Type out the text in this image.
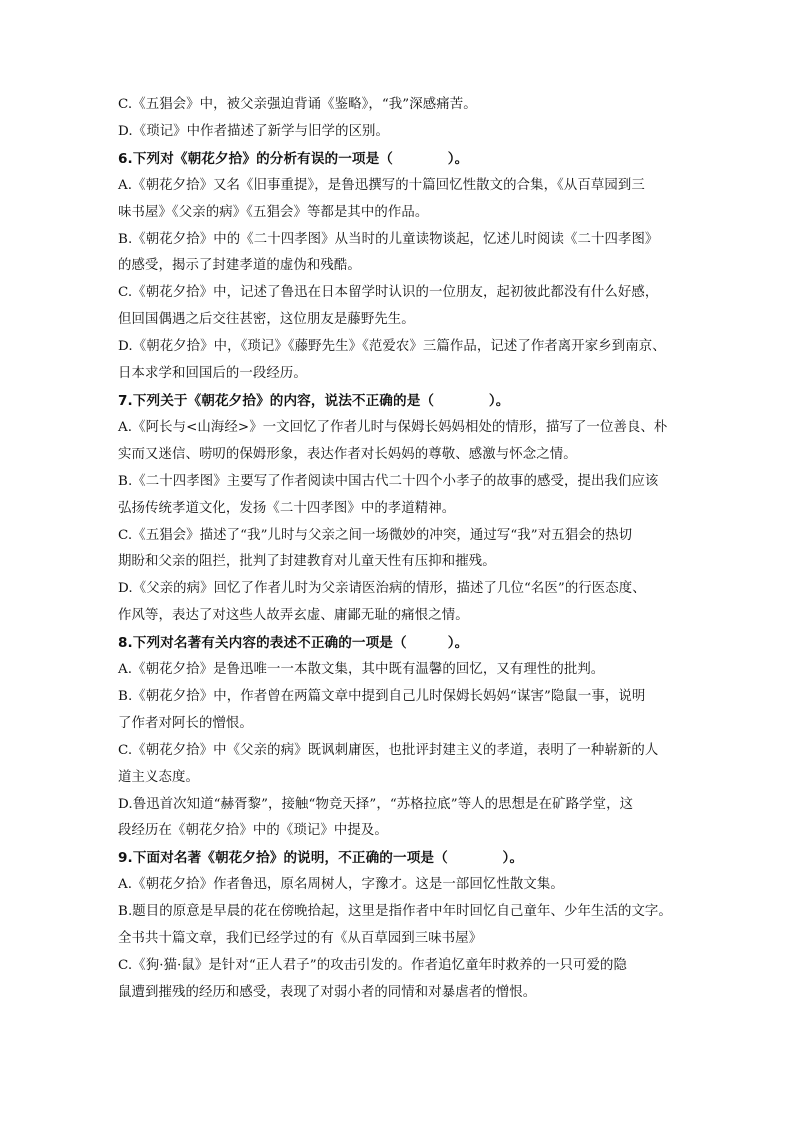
C.《五猖会》中，被父亲强迫背诵《鉴略》，“我”深感痛苦。
D.《琐记》中作者描述了新学与旧学的区别。
6.下列对《朝花夕拾》的分析有误的一项是（　　　　）。
A.《朝花夕拾》又名《旧事重提》，是鲁迅撰写的十篇回忆性散文的合集，《从百草园到三
味书屋》《父亲的病》《五猖会》等都是其中的作品。
B.《朝花夕拾》中的《二十四孝图》从当时的儿童读物谈起，忆述儿时阅读《二十四孝图》
的感受，揭示了封建孝道的虚伪和残酷。
C.《朝花夕拾》中，记述了鲁迅在日本留学时认识的一位朋友，起初彼此都没有什么好感，
但回国偶遇之后交往甚密，这位朋友是藤野先生。
D.《朝花夕拾》中，《琐记》《藤野先生》《范爱农》三篇作品，记述了作者离开家乡到南京、
日本求学和回国后的一段经历。
7.下列关于《朝花夕拾》的内容，说法不正确的是（　　　　）。
A.《阿长与<山海经>》一文回忆了作者儿时与保姆长妈妈相处的情形，描写了一位善良、朴
实而又迷信、唠叨的保姆形象，表达作者对长妈妈的尊敬、感激与怀念之情。
B.《二十四孝图》主要写了作者阅读中国古代二十四个小孝子的故事的感受，提出我们应该
弘扬传统孝道文化，发扬《二十四孝图》中的孝道精神。
C.《五猖会》描述了“我”儿时与父亲之间一场微妙的冲突，通过写“我”对五猖会的热切
期盼和父亲的阻拦，批判了封建教育对儿童天性有压抑和摧残。
D.《父亲的病》回忆了作者儿时为父亲请医治病的情形，描述了几位“名医”的行医态度、
作风等，表达了对这些人故弄玄虚、庸鄙无耻的痛恨之情。
8.下列对名著有关内容的表述不正确的一项是（　　　）。
A.《朝花夕拾》是鲁迅唯一一本散文集，其中既有温馨的回忆，又有理性的批判。
B.《朝花夕拾》中，作者曾在两篇文章中提到自己儿时保姆长妈妈“谋害”隐鼠一事，说明
了作者对阿长的憎恨。
C.《朝花夕拾》中《父亲的病》既讽刺庸医，也批评封建主义的孝道，表明了一种崭新的人
道主义态度。
D.鲁迅首次知道“赫胥黎”，接触“物竞天择”，“苏格拉底”等人的思想是在矿路学堂，这
段经历在《朝花夕拾》中的《琐记》中提及。
9.下面对名著《朝花夕拾》的说明，不正确的一项是（　　　　）。
A.《朝花夕拾》作者鲁迅，原名周树人，字豫才。这是一部回忆性散文集。
B.题目的原意是早晨的花在傍晚拾起，这里是指作者中年时回忆自己童年、少年生活的文字。
全书共十篇文章，我们已经学过的有《从百草园到三味书屋》
C.《狗·猫·鼠》是针对“正人君子”的攻击引发的。作者追忆童年时救养的一只可爱的隐
鼠遭到摧残的经历和感受，表现了对弱小者的同情和对暴虐者的憎恨。
